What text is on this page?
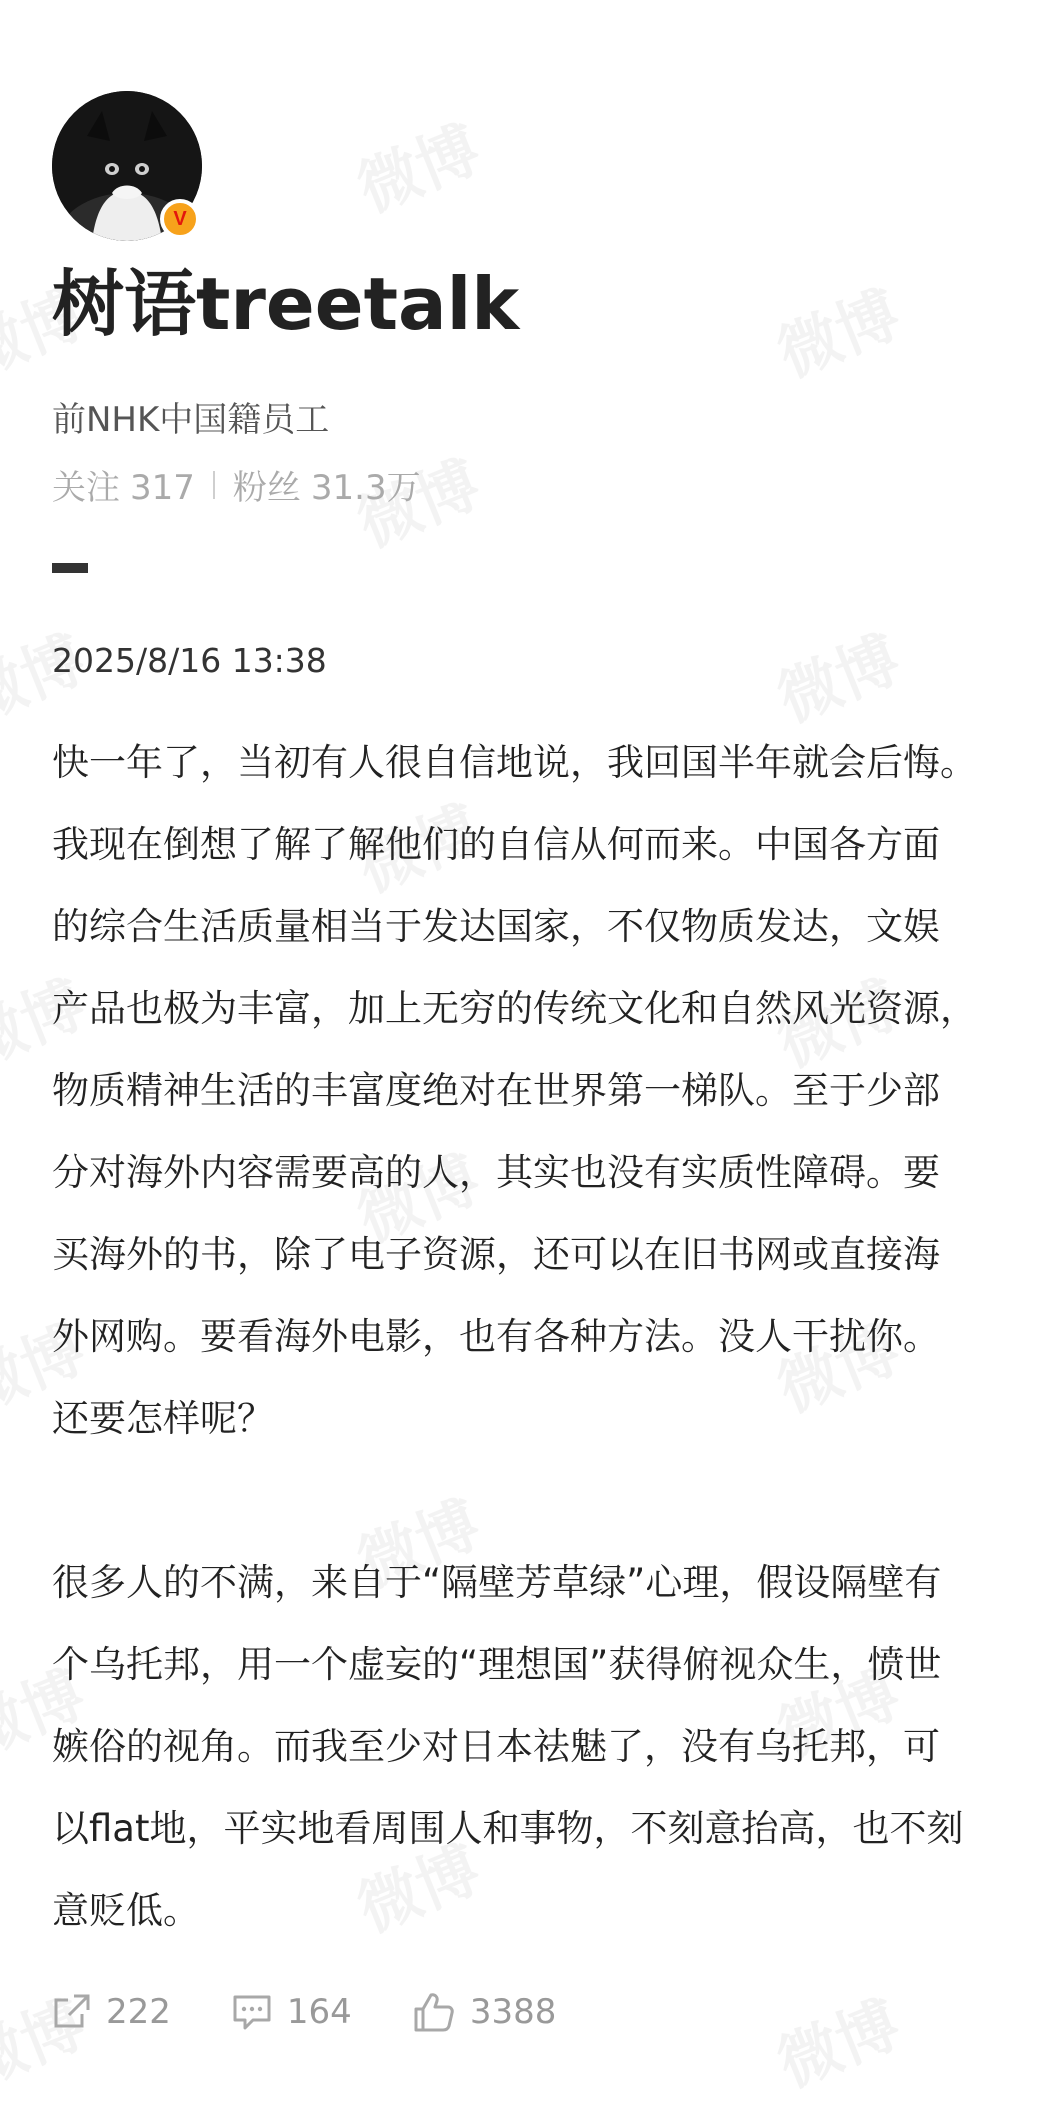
V
树语treetalk
前NHK中国籍员工
关注 317 粉丝 31.3万
2025/8/16 13:38

快一年了，当初有人很自信地说，我回国半年就会后悔。
我现在倒想了解了解他们的自信从何而来。中国各方面
的综合生活质量相当于发达国家，不仅物质发达，文娱
产品也极为丰富，加上无穷的传统文化和自然风光资源，
物质精神生活的丰富度绝对在世界第一梯队。至于少部
分对海外内容需要高的人，其实也没有实质性障碍。要
买海外的书，除了电子资源，还可以在旧书网或直接海
外网购。要看海外电影，也有各种方法。没人干扰你。
还要怎样呢？

很多人的不满，来自于“隔壁芳草绿”心理，假设隔壁有
个乌托邦，用一个虚妄的“理想国”获得俯视众生，愤世
嫉俗的视角。而我至少对日本祛魅了，没有乌托邦，可
以flat地，平实地看周围人和事物，不刻意抬高，也不刻
意贬低。

222	164	3388
